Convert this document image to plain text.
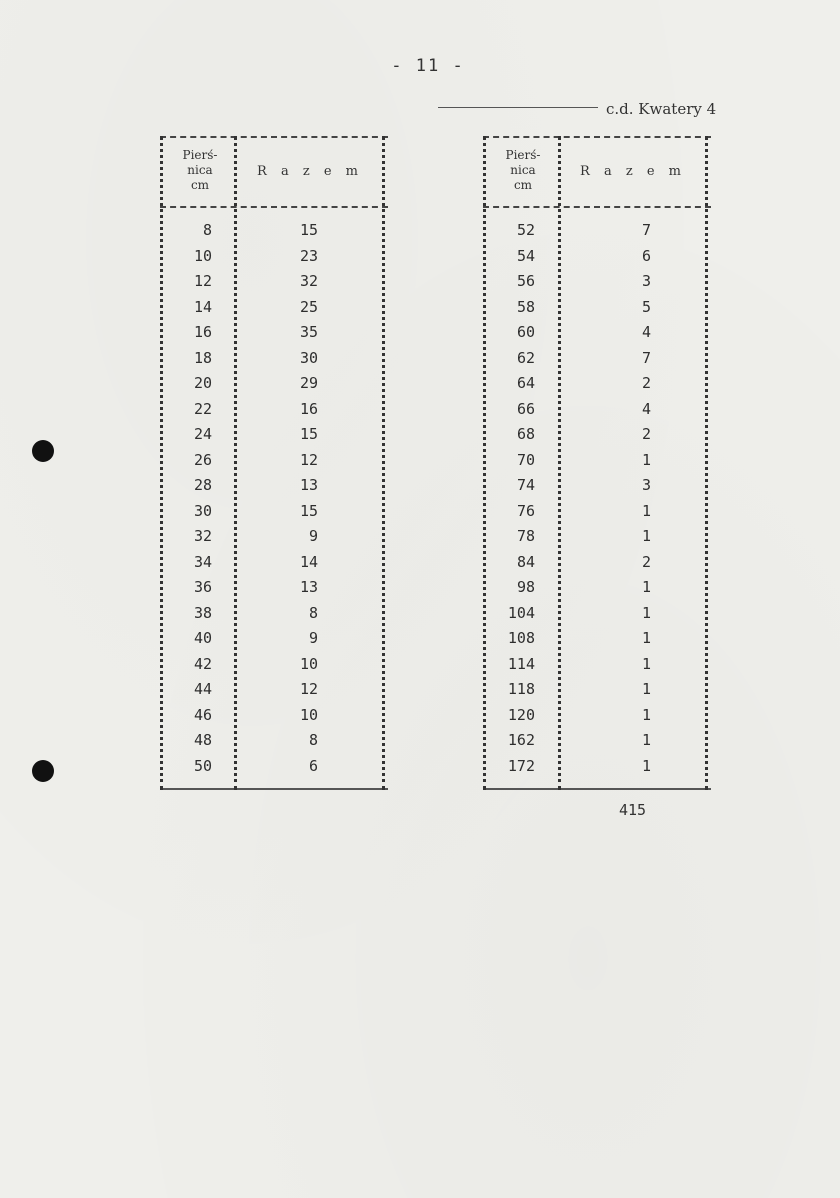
- 11 -
c.d. Kwatery 4
Pierś-
nica
cm
R a z e m
8	15
10	23
12	32
14	25
16	35
18	30
20	29
22	16
24	15
26	12
28	13
30	15
32	9
34	14
36	13
38	8
40	9
42	10
44	12
46	10
48	8
50	6
Pierś-
nica
cm
R a z e m
52	7
54	6
56	3
58	5
60	4
62	7
64	2
66	4
68	2
70	1
74	3
76	1
78	1
84	2
98	1
104	1
108	1
114	1
118	1
120	1
162	1
172	1
415
